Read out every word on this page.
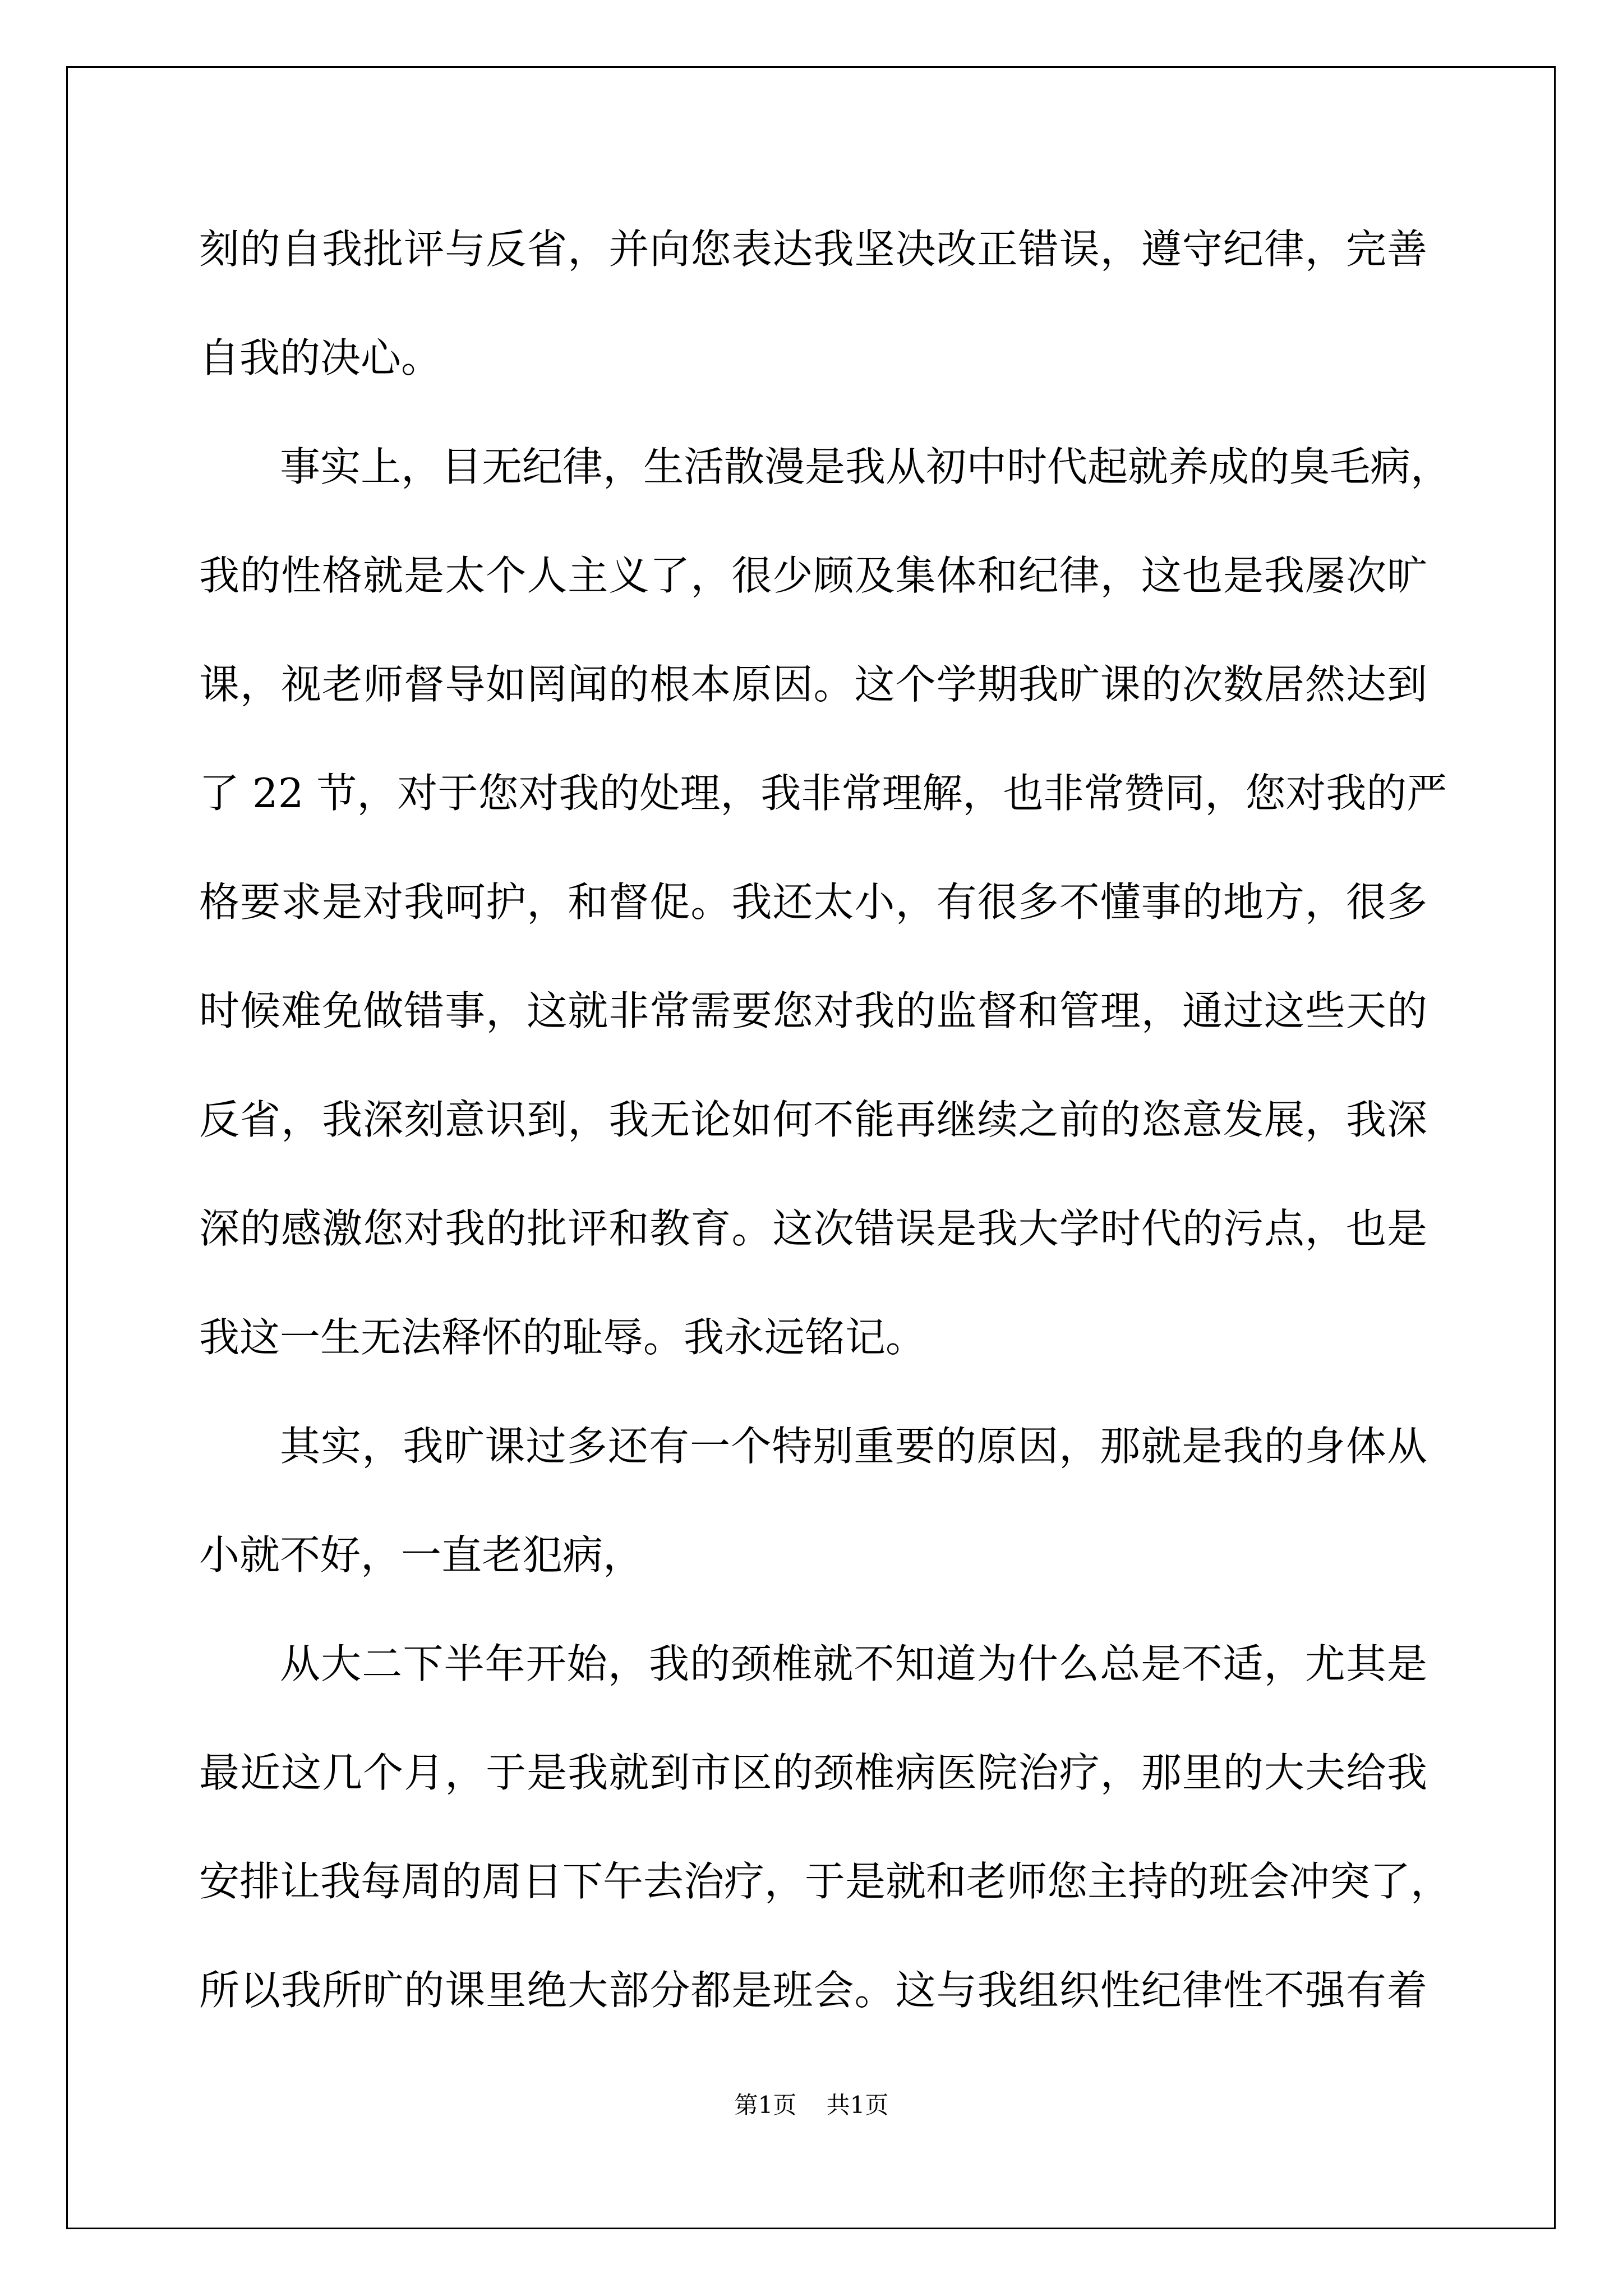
刻的自我批评与反省，并向您表达我坚决改正错误，遵守纪律，完善
自我的决心。
事实上，目无纪律，生活散漫是我从初中时代起就养成的臭毛病，
我的性格就是太个人主义了，很少顾及集体和纪律，这也是我屡次旷
课，视老师督导如罔闻的根本原因。这个学期我旷课的次数居然达到
了 22 节，对于您对我的处理，我非常理解，也非常赞同，您对我的严
格要求是对我呵护，和督促。我还太小，有很多不懂事的地方，很多
时候难免做错事，这就非常需要您对我的监督和管理，通过这些天的
反省，我深刻意识到，我无论如何不能再继续之前的恣意发展，我深
深的感激您对我的批评和教育。这次错误是我大学时代的污点，也是
我这一生无法释怀的耻辱。我永远铭记。
其实，我旷课过多还有一个特别重要的原因，那就是我的身体从
小就不好，一直老犯病，
从大二下半年开始，我的颈椎就不知道为什么总是不适，尤其是
最近这几个月，于是我就到市区的颈椎病医院治疗，那里的大夫给我
安排让我每周的周日下午去治疗，于是就和老师您主持的班会冲突了，
所以我所旷的课里绝大部分都是班会。这与我组织性纪律性不强有着
第1页    共1页
